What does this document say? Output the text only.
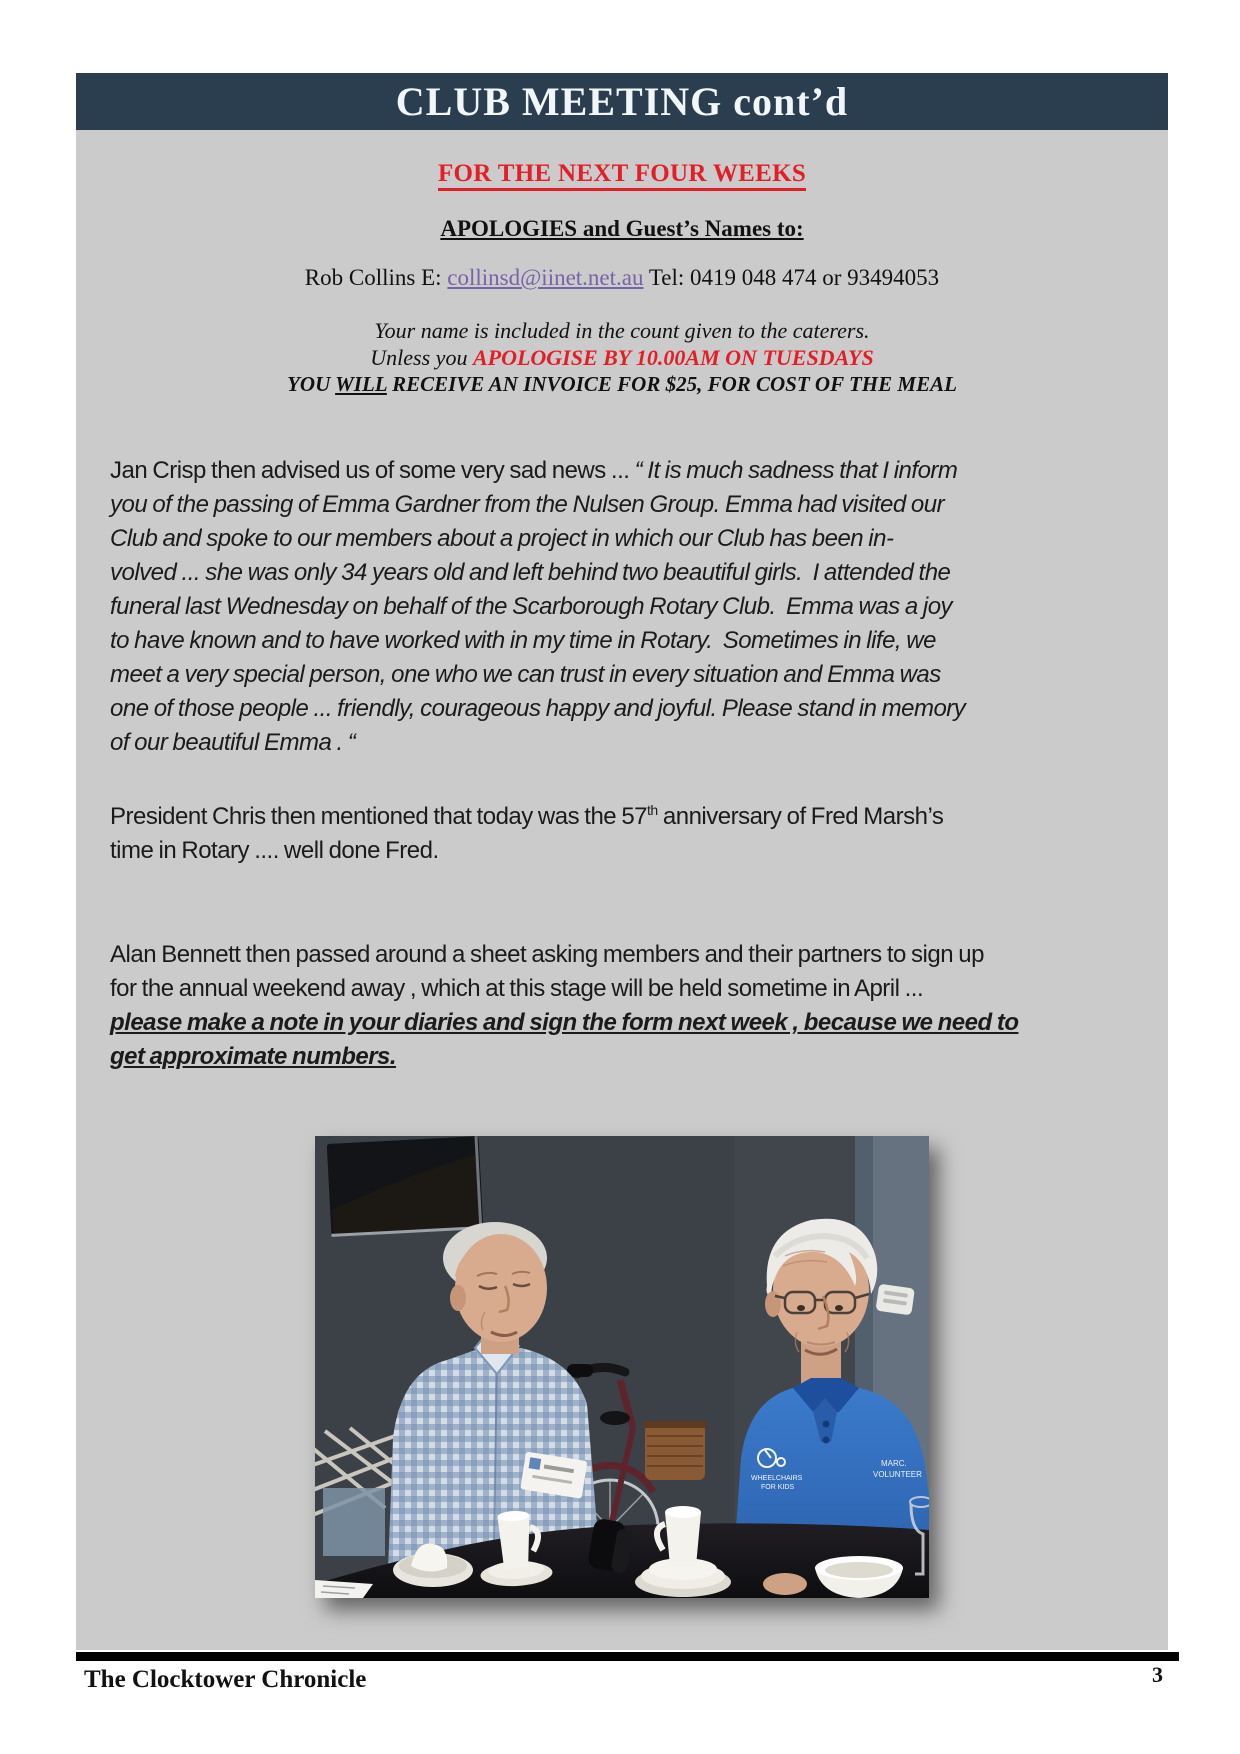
CLUB MEETING cont’d
FOR THE NEXT FOUR WEEKS
APOLOGIES and Guest’s Names to:
Rob Collins E: collinsd@iinet.net.au Tel: 0419 048 474 or 93494053
Your name is included in the count given to the caterers.
Unless you APOLOGISE BY 10.00AM ON TUESDAYS
YOU WILL RECEIVE AN INVOICE FOR $25, FOR COST OF THE MEAL
Jan Crisp then advised us of some very sad news ... “ It is much sadness that I inform
you of the passing of Emma Gardner from the Nulsen Group. Emma had visited our
Club and spoke to our members about a project in which our Club has been in-
volved ... she was only 34 years old and left behind two beautiful girls.  I attended the
funeral last Wednesday on behalf of the Scarborough Rotary Club.  Emma was a joy
to have known and to have worked with in my time in Rotary.  Sometimes in life, we
meet a very special person, one who we can trust in every situation and Emma was
one of those people ... friendly, courageous happy and joyful. Please stand in memory
of our beautiful Emma . “
President Chris then mentioned that today was the 57th anniversary of Fred Marsh’s
time in Rotary .... well done Fred.
Alan Bennett then passed around a sheet asking members and their partners to sign up
for the annual weekend away , which at this stage will be held sometime in April ...
please make a note in your diaries and sign the form next week , because we need to
get approximate numbers.
WHEELCHAIRS
FOR KIDS
MARC.
VOLUNTEER
The Clocktower Chronicle	3
